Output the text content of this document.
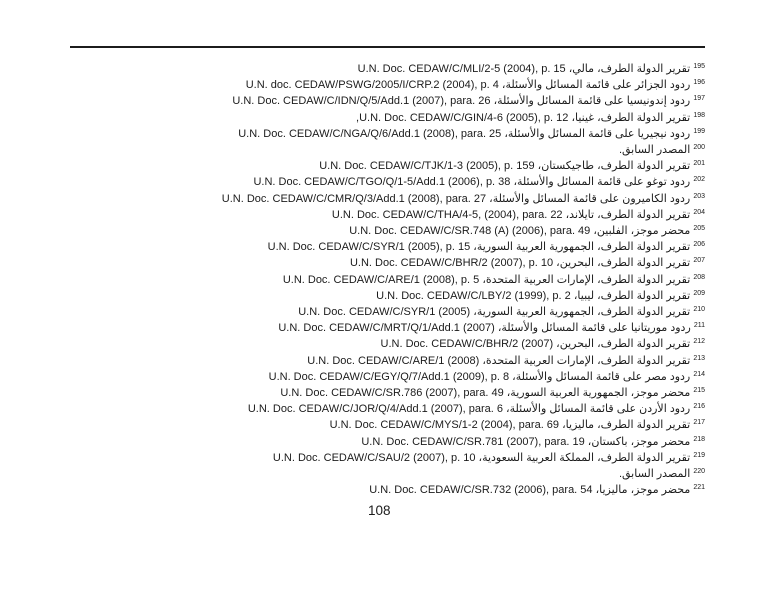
$^{195}$ تقرير الدولة الطرف، مالي، U.N. Doc. CEDAW/C/MLI/2-5 (2004), p. 15

$^{196}$ ردود الجزائر على قائمة المسائل والأسئلة، U.N. doc. CEDAW/PSWG/2005/I/CRP.2 (2004), p. 4

$^{197}$ ردود إندونيسيا على قائمة المسائل والأسئلة، U.N. Doc. CEDAW/C/IDN/Q/5/Add.1 (2007), para. 26

$^{198}$ تقرير الدولة الطرف، غينيا، U.N. Doc. CEDAW/C/GIN/4-6 (2005), p. 12,

$^{199}$ ردود نيجيريا على قائمة المسائل والأسئلة، U.N. Doc. CEDAW/C/NGA/Q/6/Add.1 (2008), para. 25

$^{200}$ المصدر السابق.

$^{201}$ تقرير الدولة الطرف، طاجيكستان، U.N. Doc. CEDAW/C/TJK/1-3 (2005), p. 159

$^{202}$ ردود توغو على قائمة المسائل والأسئلة، U.N. Doc. CEDAW/C/TGO/Q/1-5/Add.1 (2006), p. 38

$^{203}$ ردود الكاميرون على قائمة المسائل والأسئلة، U.N. Doc. CEDAW/C/CMR/Q/3/Add.1 (2008), para. 27

$^{204}$ تقرير الدولة الطرف، تايلاند، U.N. Doc. CEDAW/C/THA/4-5, (2004), para. 22

$^{205}$ محضر موجز، الفلبين، U.N. Doc. CEDAW/C/SR.748 (A) (2006), para. 49

$^{206}$ تقرير الدولة الطرف، الجمهورية العربية السورية، U.N. Doc. CEDAW/C/SYR/1 (2005), p. 15

$^{207}$ تقرير الدولة الطرف، البحرين، U.N. Doc. CEDAW/C/BHR/2 (2007), p. 10

$^{208}$ تقرير الدولة الطرف، الإمارات العربية المتحدة، U.N. Doc. CEDAW/C/ARE/1 (2008), p. 5

$^{209}$ تقرير الدولة الطرف، ليبيا، U.N. Doc. CEDAW/C/LBY/2 (1999), p. 2

$^{210}$ تقرير الدولة الطرف، الجمهورية العربية السورية، U.N. Doc. CEDAW/C/SYR/1 (2005)

$^{211}$ ردود موريتانيا على قائمة المسائل والأسئلة، U.N. Doc. CEDAW/C/MRT/Q/1/Add.1 (2007)

$^{212}$ تقرير الدولة الطرف، البحرين، U.N. Doc. CEDAW/C/BHR/2 (2007)

$^{213}$ تقرير الدولة الطرف، الإمارات العربية المتحدة، U.N. Doc. CEDAW/C/ARE/1 (2008)

$^{214}$ ردود مصر على قائمة المسائل والأسئلة، U.N. Doc. CEDAW/C/EGY/Q/7/Add.1 (2009), p. 8

$^{215}$ محضر موجز، الجمهورية العربية السورية، U.N. Doc. CEDAW/C/SR.786 (2007), para. 49

$^{216}$ ردود الأردن على قائمة المسائل والأسئلة، U.N. Doc. CEDAW/C/JOR/Q/4/Add.1 (2007), para. 6

$^{217}$ تقرير الدولة الطرف، ماليزيا، U.N. Doc. CEDAW/C/MYS/1-2 (2004), para. 69

$^{218}$ محضر موجز، باكستان، U.N. Doc. CEDAW/C/SR.781 (2007), para. 19

$^{219}$ تقرير الدولة الطرف، المملكة العربية السعودية، U.N. Doc. CEDAW/C/SAU/2 (2007), p. 10

$^{220}$ المصدر السابق.

$^{221}$ محضر موجز، ماليزيا، U.N. Doc. CEDAW/C/SR.732 (2006), para. 54

108
